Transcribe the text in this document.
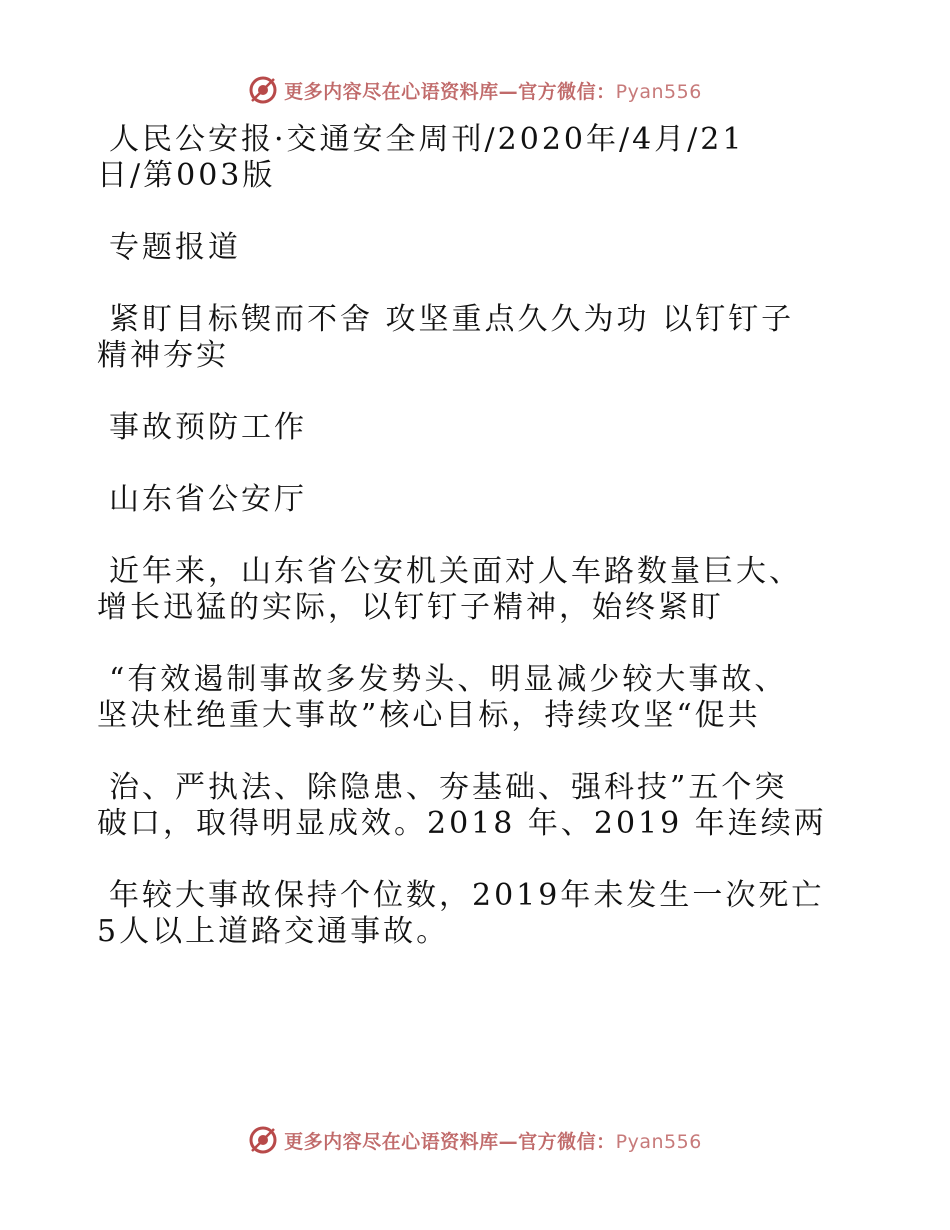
更多内容尽在心语资料库—官方微信：Pyan556

人民公安报·交通安全周刊/2020年/4月/21

日/第003版

专题报道

紧盯目标锲而不舍 攻坚重点久久为功 以钉钉子

精神夯实

事故预防工作

山东省公安厅

近年来，山东省公安机关面对人车路数量巨大、

增长迅猛的实际，以钉钉子精神，始终紧盯

“有效遏制事故多发势头、明显减少较大事故、

坚决杜绝重大事故”核心目标，持续攻坚“促共

治、严执法、除隐患、夯基础、强科技”五个突

破口，取得明显成效。2018 年、2019 年连续两

年较大事故保持个位数，2019年未发生一次死亡

5人以上道路交通事故。

更多内容尽在心语资料库—官方微信：Pyan556
